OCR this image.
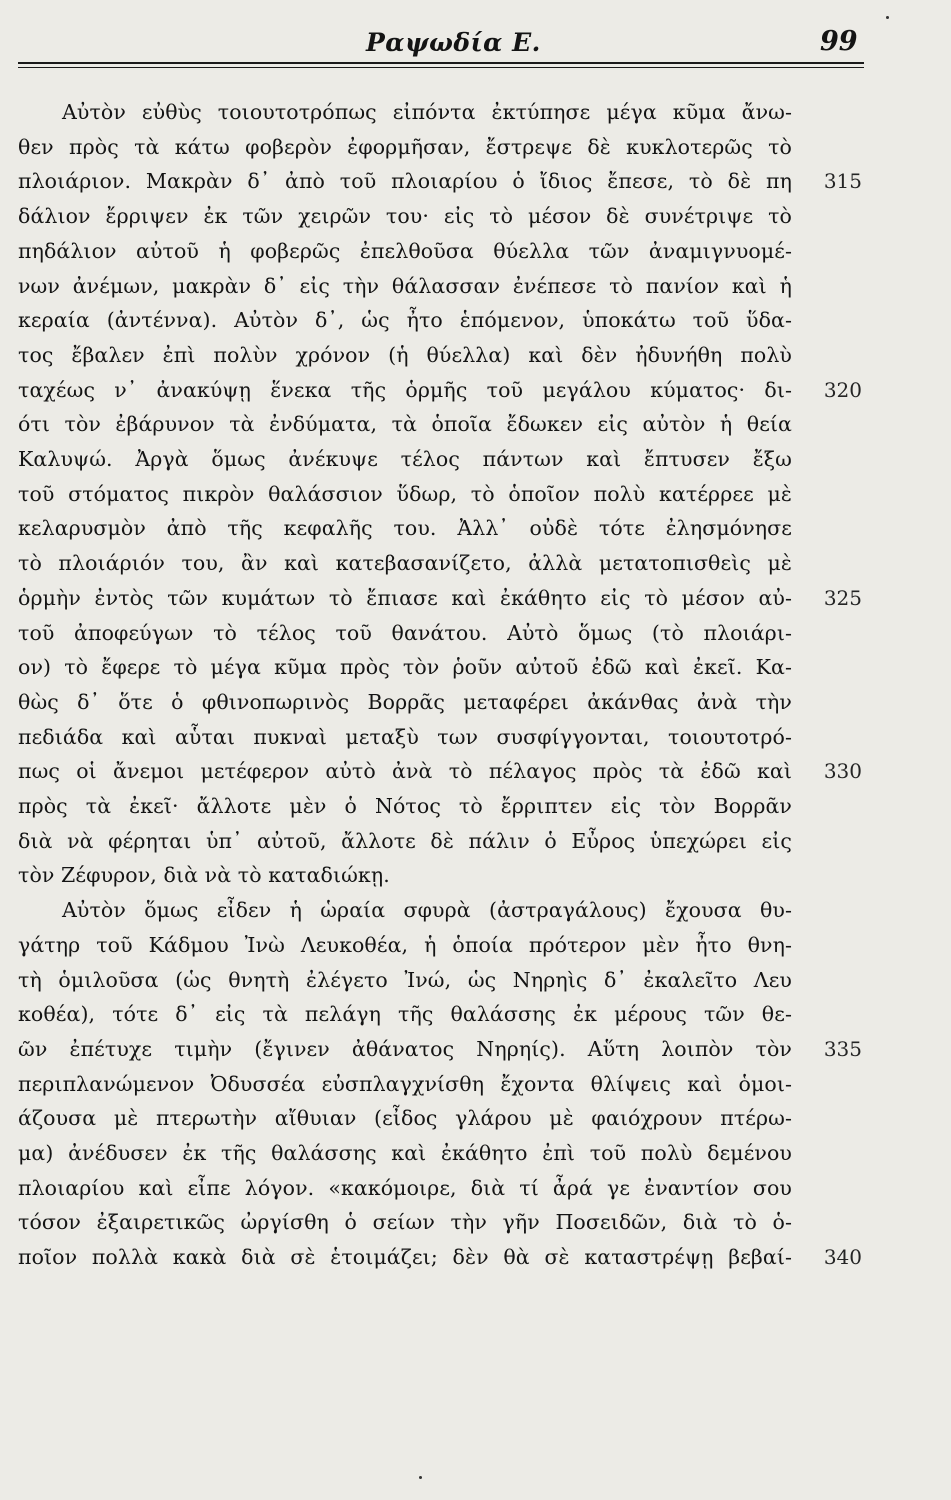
Ραψωδία Ε.	99
Αὐτὸν εὐθὺς τοιουτοτρόπως εἰπόντα ἐκτύπησε μέγα κῦμα ἄνω-
θεν πρὸς τὰ κάτω φοβερὸν ἐφορμῆσαν, ἔστρεψε δὲ κυκλοτερῶς τὸ
πλοιάριον. Μακρὰν δ᾽ ἀπὸ τοῦ πλοιαρίου ὁ ἴδιος ἔπεσε, τὸ δὲ πη
δάλιον ἔρριψεν ἐκ τῶν χειρῶν του· εἰς τὸ μέσον δὲ συνέτριψε τὸ
πηδάλιον αὐτοῦ ἡ φοβερῶς ἐπελθοῦσα θύελλα τῶν ἀναμιγνυομέ-
νων ἀνέμων, μακρὰν δ᾽ εἰς τὴν θάλασσαν ἐνέπεσε τὸ πανίον καὶ ἡ
κεραία (ἀντέννα). Αὐτὸν δ᾽, ὡς ἦτο ἑπόμενον, ὑποκάτω τοῦ ὕδα-
τος ἔβαλεν ἐπὶ πολὺν χρόνον (ἡ θύελλα) καὶ δὲν ἠδυνήθη πολὺ
ταχέως ν᾽ ἀνακύψῃ ἕνεκα τῆς ὁρμῆς τοῦ μεγάλου κύματος· δι-
ότι τὸν ἐβάρυνον τὰ ἐνδύματα, τὰ ὁποῖα ἔδωκεν εἰς αὐτὸν ἡ θεία
Καλυψώ. Ἀργὰ ὅμως ἀνέκυψε τέλος πάντων καὶ ἔπτυσεν ἔξω
τοῦ στόματος πικρὸν θαλάσσιον ὕδωρ, τὸ ὁποῖον πολὺ κατέρρεε μὲ
κελαρυσμὸν ἀπὸ τῆς κεφαλῆς του. Ἀλλ᾽ οὐδὲ τότε ἐλησμόνησε
τὸ πλοιάριόν του, ἂν καὶ κατεβασανίζετο, ἀλλὰ μετατοπισθεὶς μὲ
ὁρμὴν ἐντὸς τῶν κυμάτων τὸ ἔπιασε καὶ ἐκάθητο εἰς τὸ μέσον αὐ-
τοῦ ἀποφεύγων τὸ τέλος τοῦ θανάτου. Αὐτὸ ὅμως (τὸ πλοιάρι-
ον) τὸ ἔφερε τὸ μέγα κῦμα πρὸς τὸν ῥοῦν αὐτοῦ ἐδῶ καὶ ἐκεῖ. Κα-
θὼς δ᾽ ὅτε ὁ φθινοπωρινὸς Βορρᾶς μεταφέρει ἀκάνθας ἀνὰ τὴν
πεδιάδα καὶ αὗται πυκναὶ μεταξὺ των συσφίγγονται, τοιουτοτρό-
πως οἱ ἄνεμοι μετέφερον αὐτὸ ἀνὰ τὸ πέλαγος πρὸς τὰ ἐδῶ καὶ
πρὸς τὰ ἐκεῖ· ἄλλοτε μὲν ὁ Νότος τὸ ἔρριπτεν εἰς τὸν Βορρᾶν
διὰ νὰ φέρηται ὑπ᾽ αὐτοῦ, ἄλλοτε δὲ πάλιν ὁ Εὖρος ὑπεχώρει εἰς
τὸν Ζέφυρον, διὰ νὰ τὸ καταδιώκῃ.
Αὐτὸν ὅμως εἶδεν ἡ ὡραία σφυρὰ (ἀστραγάλους) ἔχουσα θυ-
γάτηρ τοῦ Κάδμου Ἰνὼ Λευκοθέα, ἡ ὁποία πρότερον μὲν ἦτο θνη-
τὴ ὁμιλοῦσα (ὡς θνητὴ ἐλέγετο Ἰνώ, ὡς Νηρηὶς δ᾽ ἐκαλεῖτο Λευ
κοθέα), τότε δ᾽ εἰς τὰ πελάγη τῆς θαλάσσης ἐκ μέρους τῶν θε-
ῶν ἐπέτυχε τιμὴν (ἔγινεν ἀθάνατος Νηρηίς). Αὕτη λοιπὸν τὸν
περιπλανώμενον Ὀδυσσέα εὐσπλαγχνίσθη ἔχοντα θλίψεις καὶ ὁμοι-
άζουσα μὲ πτερωτὴν αἴθυιαν (εἶδος γλάρου μὲ φαιόχρουν πτέρω-
μα) ἀνέδυσεν ἐκ τῆς θαλάσσης καὶ ἐκάθητο ἐπὶ τοῦ πολὺ δεμένου
πλοιαρίου καὶ εἶπε λόγον. «κακόμοιρε, διὰ τί ἆρά γε ἐναντίον σου
τόσον ἐξαιρετικῶς ὠργίσθη ὁ σείων τὴν γῆν Ποσειδῶν, διὰ τὸ ὁ-
ποῖον πολλὰ κακὰ διὰ σὲ ἑτοιμάζει; δὲν θὰ σὲ καταστρέψῃ βεβαί-
315
320
325
330
335
340
